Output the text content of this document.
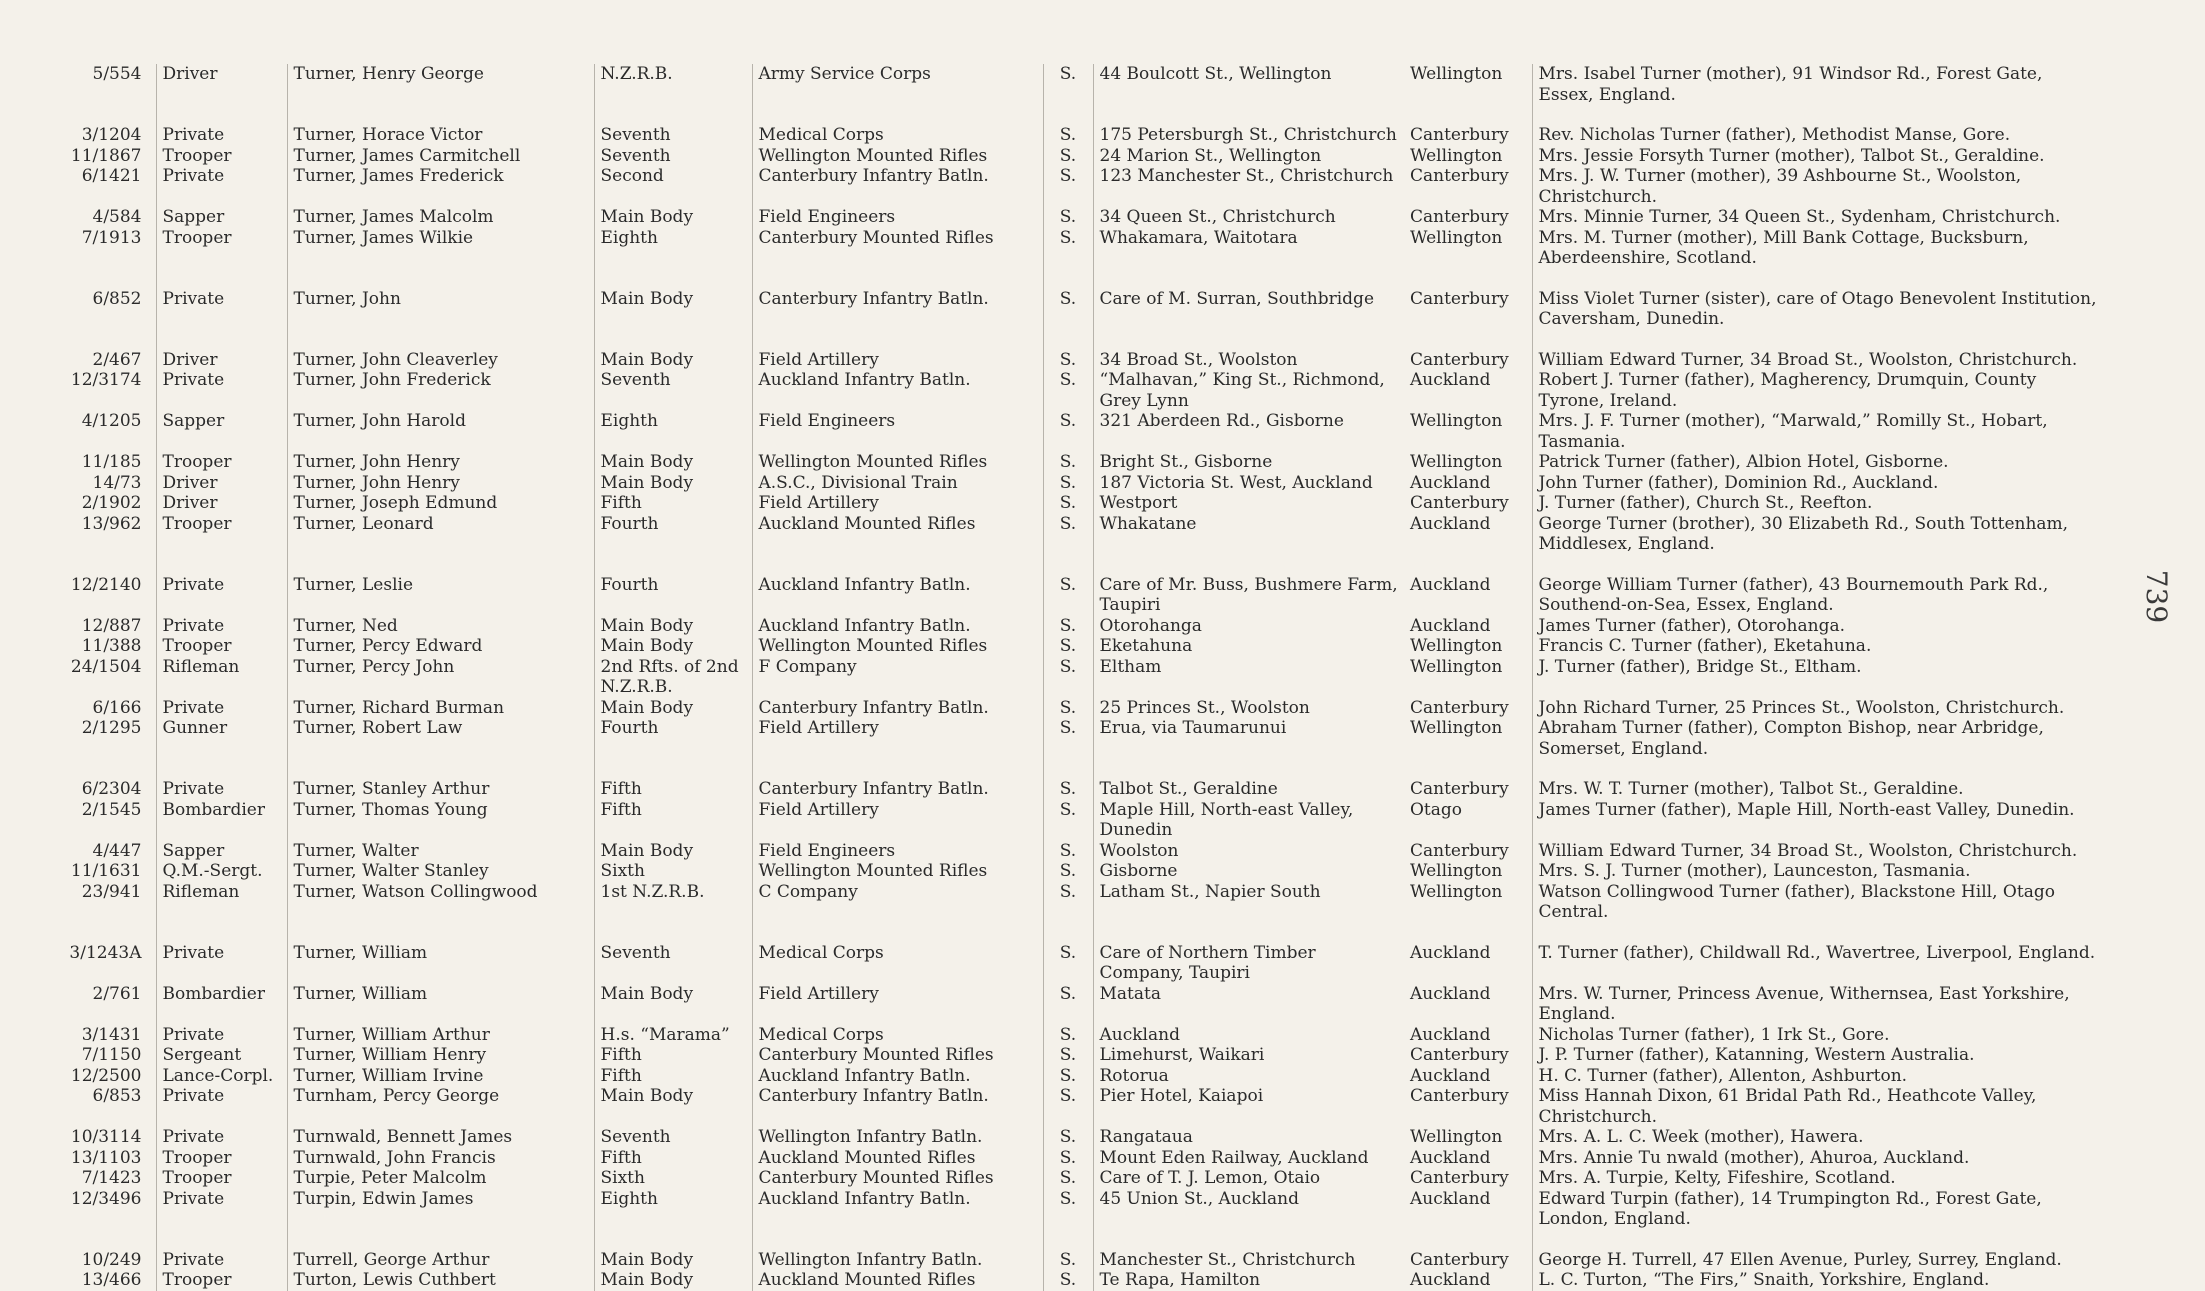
5/554	Driver	Turner, Henry George	N.Z.R.B.	Army Service Corps	S.	44 Boulcott St., Wellington	Wellington	Mrs. Isabel Turner (mother), 91 Windsor Rd., Forest Gate, Essex, England.
3/1204	Private	Turner, Horace Victor	Seventh	Medical Corps	S.	175 Petersburgh St., Christchurch	Canterbury	Rev. Nicholas Turner (father), Methodist Manse, Gore.
11/1867	Trooper	Turner, James Carmitchell	Seventh	Wellington Mounted Rifles	S.	24 Marion St., Wellington	Wellington	Mrs. Jessie Forsyth Turner (mother), Talbot St., Geraldine.
6/1421	Private	Turner, James Frederick	Second	Canterbury Infantry Batln.	S.	123 Manchester St., Christchurch	Canterbury	Mrs. J. W. Turner (mother), 39 Ashbourne St., Woolston, Christchurch.
4/584	Sapper	Turner, James Malcolm	Main Body	Field Engineers	S.	34 Queen St., Christchurch	Canterbury	Mrs. Minnie Turner, 34 Queen St., Sydenham, Christchurch.
7/1913	Trooper	Turner, James Wilkie	Eighth	Canterbury Mounted Rifles	S.	Whakamara, Waitotara	Wellington	Mrs. M. Turner (mother), Mill Bank Cottage, Bucksburn, Aberdeenshire, Scotland.
6/852	Private	Turner, John	Main Body	Canterbury Infantry Batln.	S.	Care of M. Surran, Southbridge	Canterbury	Miss Violet Turner (sister), care of Otago Benevolent Institution, Caversham, Dunedin.
2/467	Driver	Turner, John Cleaverley	Main Body	Field Artillery	S.	34 Broad St., Woolston	Canterbury	William Edward Turner, 34 Broad St., Woolston, Christchurch.
12/3174	Private	Turner, John Frederick	Seventh	Auckland Infantry Batln.	S.	“Malhavan,” King St., Richmond, Grey Lynn	Auckland	Robert J. Turner (father), Magherency, Drumquin, County Tyrone, Ireland.
4/1205	Sapper	Turner, John Harold	Eighth	Field Engineers	S.	321 Aberdeen Rd., Gisborne	Wellington	Mrs. J. F. Turner (mother), “Marwald,” Romilly St., Hobart, Tasmania.
11/185	Trooper	Turner, John Henry	Main Body	Wellington Mounted Rifles	S.	Bright St., Gisborne	Wellington	Patrick Turner (father), Albion Hotel, Gisborne.
14/73	Driver	Turner, John Henry	Main Body	A.S.C., Divisional Train	S.	187 Victoria St. West, Auckland	Auckland	John Turner (father), Dominion Rd., Auckland.
2/1902	Driver	Turner, Joseph Edmund	Fifth	Field Artillery	S.	Westport	Canterbury	J. Turner (father), Church St., Reefton.
13/962	Trooper	Turner, Leonard	Fourth	Auckland Mounted Rifles	S.	Whakatane	Auckland	George Turner (brother), 30 Elizabeth Rd., South Tottenham, Middlesex, England.
12/2140	Private	Turner, Leslie	Fourth	Auckland Infantry Batln.	S.	Care of Mr. Buss, Bushmere Farm, Taupiri	Auckland	George William Turner (father), 43 Bournemouth Park Rd., Southend-on-Sea, Essex, England.
12/887	Private	Turner, Ned	Main Body	Auckland Infantry Batln.	S.	Otorohanga	Auckland	James Turner (father), Otorohanga.
11/388	Trooper	Turner, Percy Edward	Main Body	Wellington Mounted Rifles	S.	Eketahuna	Wellington	Francis C. Turner (father), Eketahuna.
24/1504	Rifleman	Turner, Percy John	2nd Rfts. of 2nd N.Z.R.B.	F Company	S.	Eltham	Wellington	J. Turner (father), Bridge St., Eltham.
6/166	Private	Turner, Richard Burman	Main Body	Canterbury Infantry Batln.	S.	25 Princes St., Woolston	Canterbury	John Richard Turner, 25 Princes St., Woolston, Christchurch.
2/1295	Gunner	Turner, Robert Law	Fourth	Field Artillery	S.	Erua, via Taumarunui	Wellington	Abraham Turner (father), Compton Bishop, near Arbridge, Somerset, England.
6/2304	Private	Turner, Stanley Arthur	Fifth	Canterbury Infantry Batln.	S.	Talbot St., Geraldine	Canterbury	Mrs. W. T. Turner (mother), Talbot St., Geraldine.
2/1545	Bombardier	Turner, Thomas Young	Fifth	Field Artillery	S.	Maple Hill, North-east Valley, Dunedin	Otago	James Turner (father), Maple Hill, North-east Valley, Dunedin.
4/447	Sapper	Turner, Walter	Main Body	Field Engineers	S.	Woolston	Canterbury	William Edward Turner, 34 Broad St., Woolston, Christchurch.
11/1631	Q.M.-Sergt.	Turner, Walter Stanley	Sixth	Wellington Mounted Rifles	S.	Gisborne	Wellington	Mrs. S. J. Turner (mother), Launceston, Tasmania.
23/941	Rifleman	Turner, Watson Collingwood	1st N.Z.R.B.	C Company	S.	Latham St., Napier South	Wellington	Watson Collingwood Turner (father), Blackstone Hill, Otago Central.
3/1243A	Private	Turner, William	Seventh	Medical Corps	S.	Care of Northern Timber Company, Taupiri	Auckland	T. Turner (father), Childwall Rd., Wavertree, Liverpool, England.
2/761	Bombardier	Turner, William	Main Body	Field Artillery	S.	Matata	Auckland	Mrs. W. Turner, Princess Avenue, Withernsea, East Yorkshire, England.
3/1431	Private	Turner, William Arthur	H.s. “Marama”	Medical Corps	S.	Auckland	Auckland	Nicholas Turner (father), 1 Irk St., Gore.
7/1150	Sergeant	Turner, William Henry	Fifth	Canterbury Mounted Rifles	S.	Limehurst, Waikari	Canterbury	J. P. Turner (father), Katanning, Western Australia.
12/2500	Lance-Corpl.	Turner, William Irvine	Fifth	Auckland Infantry Batln.	S.	Rotorua	Auckland	H. C. Turner (father), Allenton, Ashburton.
6/853	Private	Turnham, Percy George	Main Body	Canterbury Infantry Batln.	S.	Pier Hotel, Kaiapoi	Canterbury	Miss Hannah Dixon, 61 Bridal Path Rd., Heathcote Valley, Christchurch.
10/3114	Private	Turnwald, Bennett James	Seventh	Wellington Infantry Batln.	S.	Rangataua	Wellington	Mrs. A. L. C. Week (mother), Hawera.
13/1103	Trooper	Turnwald, John Francis	Fifth	Auckland Mounted Rifles	S.	Mount Eden Railway, Auckland	Auckland	Mrs. Annie Tu nwald (mother), Ahuroa, Auckland.
7/1423	Trooper	Turpie, Peter Malcolm	Sixth	Canterbury Mounted Rifles	S.	Care of T. J. Lemon, Otaio	Canterbury	Mrs. A. Turpie, Kelty, Fifeshire, Scotland.
12/3496	Private	Turpin, Edwin James	Eighth	Auckland Infantry Batln.	S.	45 Union St., Auckland	Auckland	Edward Turpin (father), 14 Trumpington Rd., Forest Gate, London, England.
10/249	Private	Turrell, George Arthur	Main Body	Wellington Infantry Batln.	S.	Manchester St., Christchurch	Canterbury	George H. Turrell, 47 Ellen Avenue, Purley, Surrey, England.
13/466	Trooper	Turton, Lewis Cuthbert	Main Body	Auckland Mounted Rifles	S.	Te Rapa, Hamilton	Auckland	L. C. Turton, “The Firs,” Snaith, Yorkshire, England.
739
